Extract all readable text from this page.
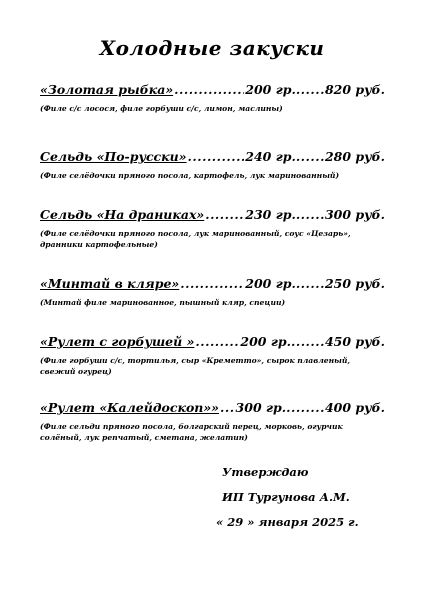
Холодные закуски
«Золотая рыбка» .....	200 гр. ...... 820 руб.
(Филе с/с лосося, филе горбуши с/с, лимон, маслины)
Сельдь «По-русски» .....	240 гр. ...... 280 руб.
(Филе селёдочки пряного посола, картофель, лук маринованный)
Сельдь «На драниках» .....	230 гр. ...... 300 руб.
(Филе селёдочки пряного посола, лук маринованный, соус «Цезарь», дранники картофельные)
«Минтай в кляре» .....	200 гр. ...... 250 руб.
(Минтай филе маринованное, пышный кляр, специи)
«Рулет с горбушей » .....	200 гр. ....... 450 руб.
(Филе горбуши с/с, тортилья, сыр «Креметто», сырок плавленый, свежий огурец)
«Рулет «Калейдоскоп»» ..... 300 гр. ........ 400 руб.
(Филе сельди пряного посола, болгарский перец, морковь, огурчик солёный, лук репчатый, сметана, желатин)
Утверждаю
ИП Тургунова А.М.
« 29 » января 2025 г.
